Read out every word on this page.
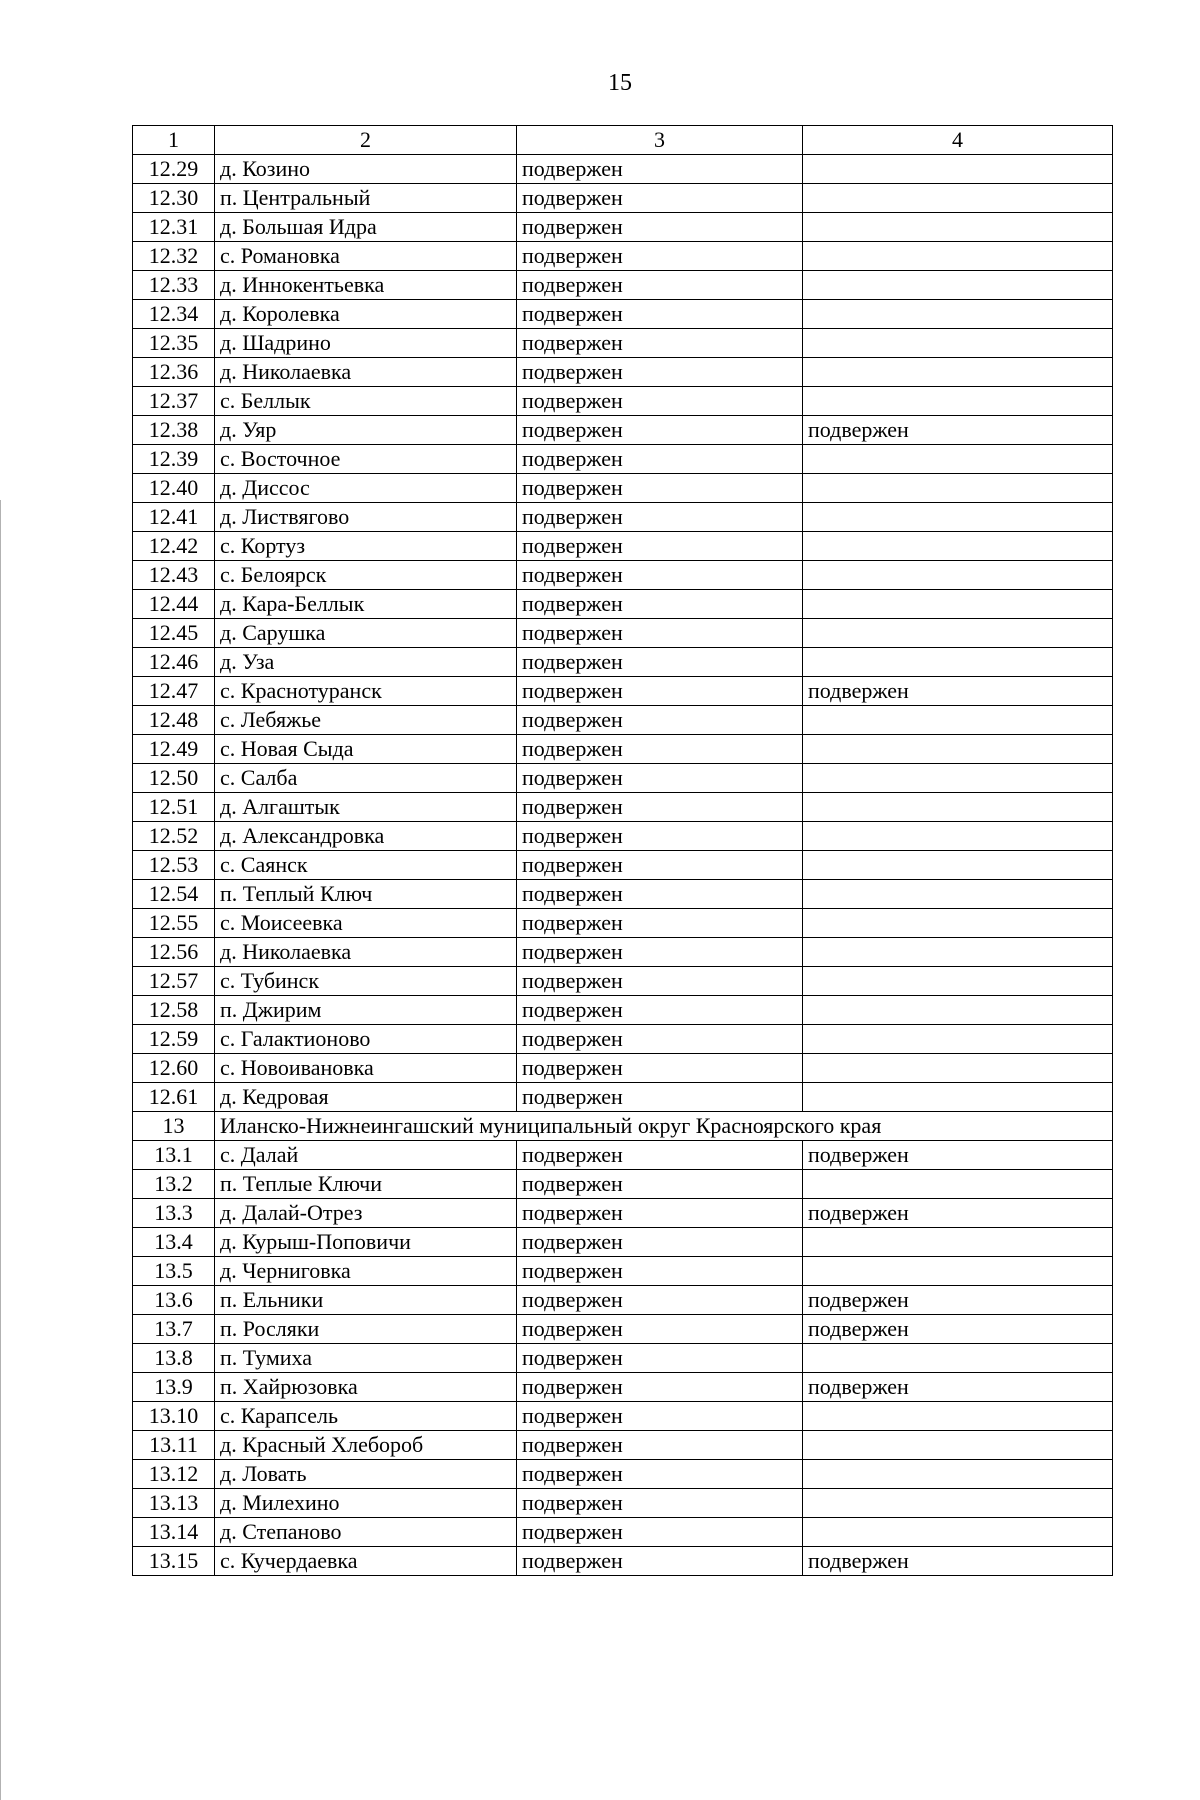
15
1	2	3	4
12.29	д. Козино	подвержен	
12.30	п. Центральный	подвержен	
12.31	д. Большая Идра	подвержен	
12.32	с. Романовка	подвержен	
12.33	д. Иннокентьевка	подвержен	
12.34	д. Королевка	подвержен	
12.35	д. Шадрино	подвержен	
12.36	д. Николаевка	подвержен	
12.37	с. Беллык	подвержен	
12.38	д. Уяр	подвержен	подвержен
12.39	с. Восточное	подвержен	
12.40	д. Диссос	подвержен	
12.41	д. Листвягово	подвержен	
12.42	с. Кортуз	подвержен	
12.43	с. Белоярск	подвержен	
12.44	д. Кара-Беллык	подвержен	
12.45	д. Сарушка	подвержен	
12.46	д. Уза	подвержен	
12.47	с. Краснотуранск	подвержен	подвержен
12.48	с. Лебяжье	подвержен	
12.49	с. Новая Сыда	подвержен	
12.50	с. Салба	подвержен	
12.51	д. Алгаштык	подвержен	
12.52	д. Александровка	подвержен	
12.53	с. Саянск	подвержен	
12.54	п. Теплый Ключ	подвержен	
12.55	с. Моисеевка	подвержен	
12.56	д. Николаевка	подвержен	
12.57	с. Тубинск	подвержен	
12.58	п. Джирим	подвержен	
12.59	с. Галактионово	подвержен	
12.60	с. Новоивановка	подвержен	
12.61	д. Кедровая	подвержен	
13	Иланско-Нижнеингашский муниципальный округ Красноярского края		
13.1	с. Далай	подвержен	подвержен
13.2	п. Теплые Ключи	подвержен	
13.3	д. Далай-Отрез	подвержен	подвержен
13.4	д. Курыш-Поповичи	подвержен	
13.5	д. Черниговка	подвержен	
13.6	п. Ельники	подвержен	подвержен
13.7	п. Росляки	подвержен	подвержен
13.8	п. Тумиха	подвержен	
13.9	п. Хайрюзовка	подвержен	подвержен
13.10	с. Карапсель	подвержен	
13.11	д. Красный Хлебороб	подвержен	
13.12	д. Ловать	подвержен	
13.13	д. Милехино	подвержен	
13.14	д. Степаново	подвержен	
13.15	с. Кучердаевка	подвержен	подвержен
